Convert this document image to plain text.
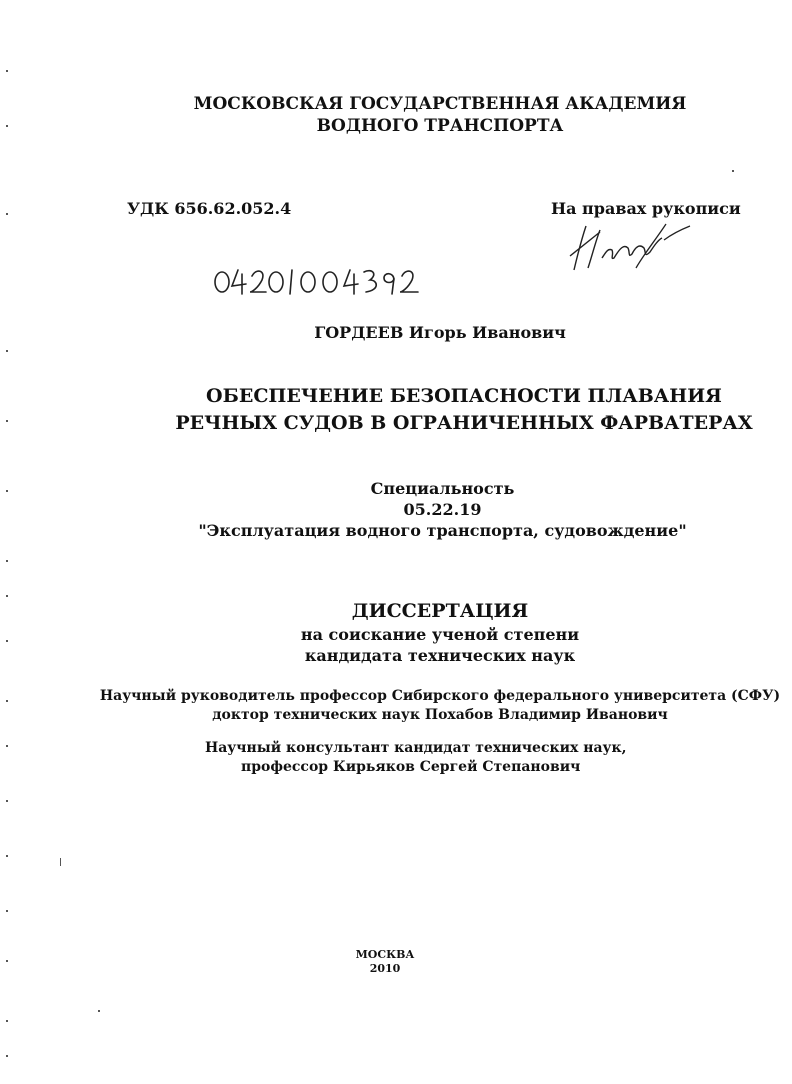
МОСКОВСКАЯ ГОСУДАРСТВЕННАЯ АКАДЕМИЯ
ВОДНОГО ТРАНСПОРТА
УДК 656.62.052.4	На правах рукописи
ГОРДЕЕВ Игорь Иванович
ОБЕСПЕЧЕНИЕ БЕЗОПАСНОСТИ ПЛАВАНИЯ
РЕЧНЫХ СУДОВ В ОГРАНИЧЕННЫХ ФАРВАТЕРАХ
Специальность
05.22.19
"Эксплуатация водного транспорта, судовождение"
ДИССЕРТАЦИЯ
на соискание ученой степени
кандидата технических наук
Научный руководитель профессор Сибирского федерального университета (СФУ)
доктор технических наук Похабов Владимир Иванович
Научный консультант кандидат технических наук,
профессор Кирьяков Сергей Степанович
МОСКВА
2010
